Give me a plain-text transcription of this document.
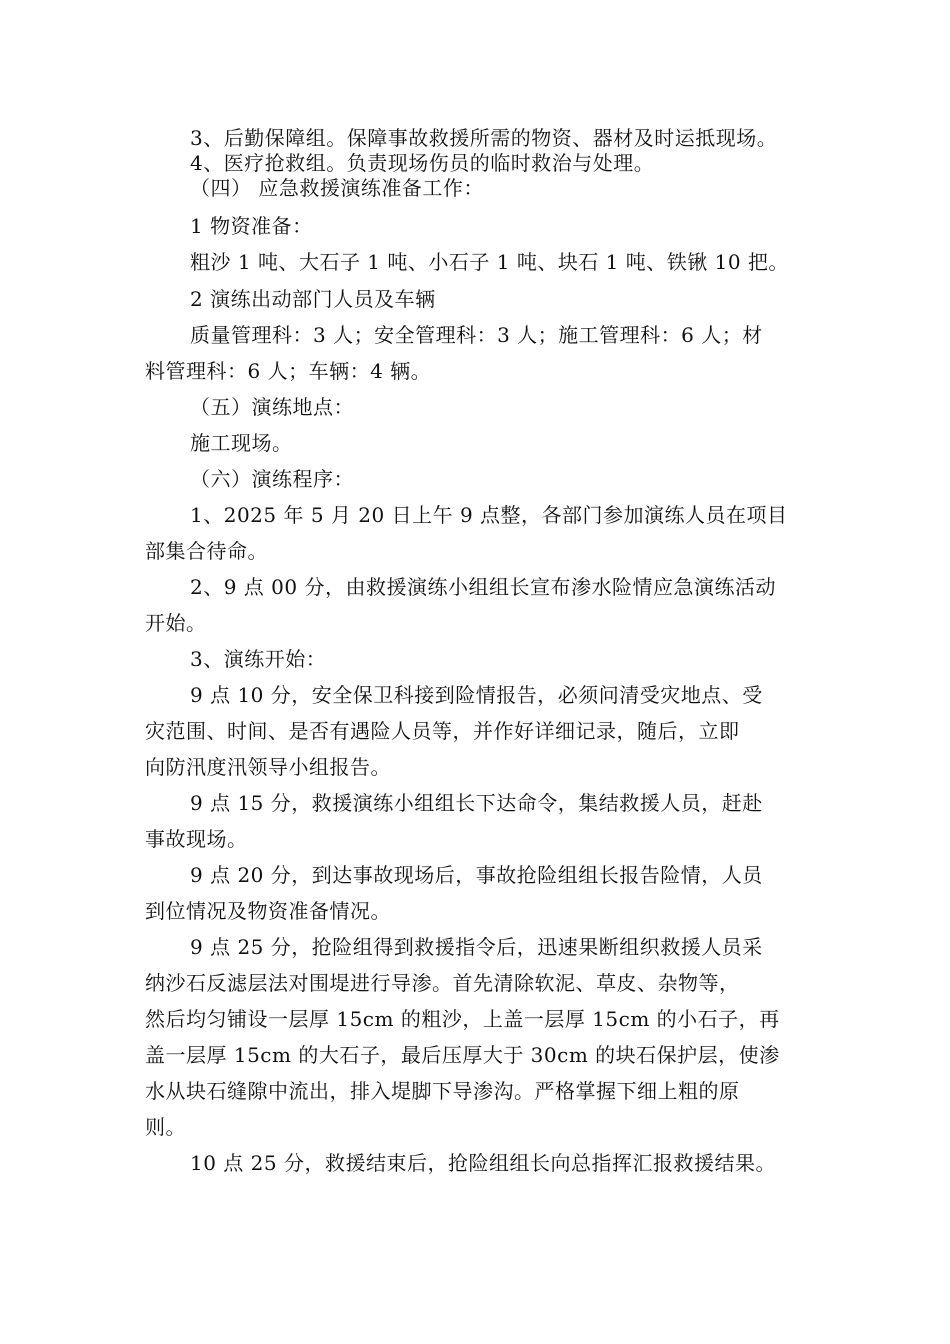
3、后勤保障组。保障事故救援所需的物资、器材及时运抵现场。
4、医疗抢救组。负责现场伤员的临时救治与处理。
（四） 应急救援演练准备工作：
1 物资准备：
粗沙 1 吨、大石子 1 吨、小石子 1 吨、块石 1 吨、铁锹 10 把。
2 演练出动部门人员及车辆
质量管理科：3 人；安全管理科：3 人；施工管理科：6 人；材
料管理科：6 人；车辆：4 辆。
（五）演练地点：
施工现场。
（六）演练程序：
1、2025 年 5 月 20 日上午 9 点整，各部门参加演练人员在项目
部集合待命。
2、9 点 00 分，由救援演练小组组长宣布渗水险情应急演练活动
开始。
3、演练开始：
9 点 10 分，安全保卫科接到险情报告，必须问清受灾地点、受
灾范围、时间、是否有遇险人员等，并作好详细记录，随后，立即
向防汛度汛领导小组报告。
9 点 15 分，救援演练小组组长下达命令，集结救援人员，赶赴
事故现场。
9 点 20 分，到达事故现场后，事故抢险组组长报告险情，人员
到位情况及物资准备情况。
9 点 25 分，抢险组得到救援指令后，迅速果断组织救援人员采
纳沙石反滤层法对围堤进行导渗。首先清除软泥、草皮、杂物等，
然后均匀铺设一层厚 15cm 的粗沙，上盖一层厚 15cm 的小石子，再
盖一层厚 15cm 的大石子，最后压厚大于 30cm 的块石保护层，使渗
水从块石缝隙中流出，排入堤脚下导渗沟。严格掌握下细上粗的原
则。
10 点 25 分，救援结束后，抢险组组长向总指挥汇报救援结果。
